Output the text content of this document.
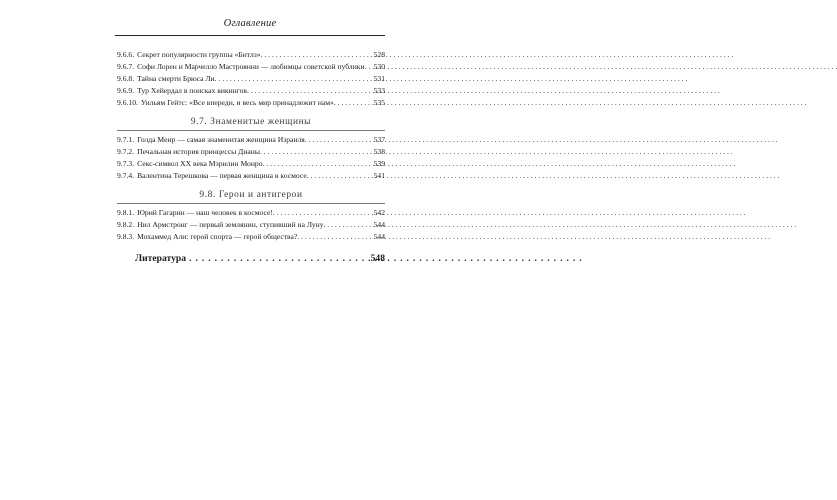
Оглавление
9.6.6. Секрет популярности группы «Битлз» . . .	528
9.6.7. Софи Лорен и Марчелло Мастроянни — любимцы советской публики . . . 530
9.6.8. Тайна смерти Брюса Ли . . .	531
9.6.9. Тур Хейердал в поисках викингов . . .	533
9.6.10. Уильям Гейтс: «Все впереди, и весь мир принадлежит нам» . . .	535
9.7. Знаменитые женщины
9.7.1. Голда Меир — самая знаменитая женщина Израиля . . .	537
9.7.2. Печальная история принцессы Дианы . . .	538
9.7.3. Секс-символ XX века Мэрилин Монро . . .	539
9.7.4. Валентина Терешкова — первая женщина в космосе . . .	541
9.8. Герои и антигерои
9.8.1. Юрий Гагарин — наш человек в космосе! . . .	542
9.8.2. Нил Армстронг — первый землянин, ступивший на Луну . . .	544
9.8.3. Мохаммед Али: герой спорта — герой общества? . . .	544
Литература . . .	548
